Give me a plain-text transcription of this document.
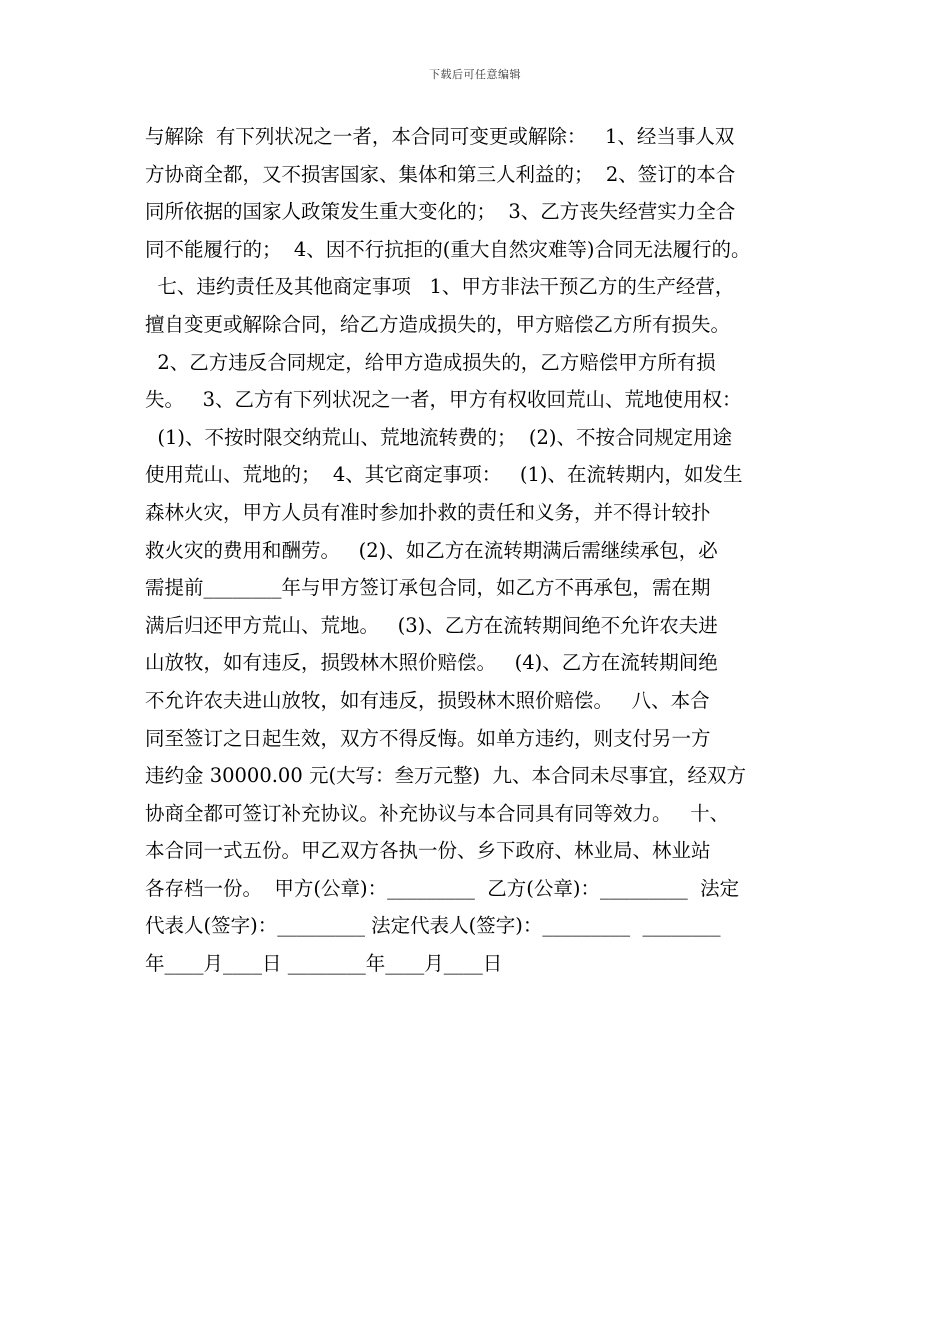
下载后可任意编辑
与解除  有下列状况之一者，本合同可变更或解除：   1、经当事人双
方协商全都，又不损害国家、集体和第三人利益的；  2、签订的本合
同所依据的国家人政策发生重大变化的；  3、乙方丧失经营实力全合
同不能履行的；  4、因不行抗拒的(重大自然灾难等)合同无法履行的。
七、违约责任及其他商定事项   1、甲方非法干预乙方的生产经营，
擅自变更或解除合同，给乙方造成损失的，甲方赔偿乙方所有损失。
2、乙方违反合同规定，给甲方造成损失的，乙方赔偿甲方所有损
失。   3、乙方有下列状况之一者，甲方有权收回荒山、荒地使用权：
(1)、不按时限交纳荒山、荒地流转费的；  (2)、不按合同规定用途
使用荒山、荒地的；  4、其它商定事项：   (1)、在流转期内，如发生
森林火灾，甲方人员有准时参加扑救的责任和义务，并不得计较扑
救火灾的费用和酬劳。   (2)、如乙方在流转期满后需继续承包，必
需提前________年与甲方签订承包合同，如乙方不再承包，需在期
满后归还甲方荒山、荒地。   (3)、乙方在流转期间绝不允许农夫进
山放牧，如有违反，损毁林木照价赔偿。   (4)、乙方在流转期间绝
不允许农夫进山放牧，如有违反，损毁林木照价赔偿。   八、本合
同至签订之日起生效，双方不得反悔。如单方违约，则支付另一方
违约金 30000.00 元(大写：叁万元整)  九、本合同未尽事宜，经双方
协商全都可签订补充协议。补充协议与本合同具有同等效力。   十、
本合同一式五份。甲乙双方各执一份、乡下政府、林业局、林业站
各存档一份。  甲方(公章)：_________  乙方(公章)：_________  法定
代表人(签字)：_________ 法定代表人(签字)：_________  ________
年____月____日 ________年____月____日
